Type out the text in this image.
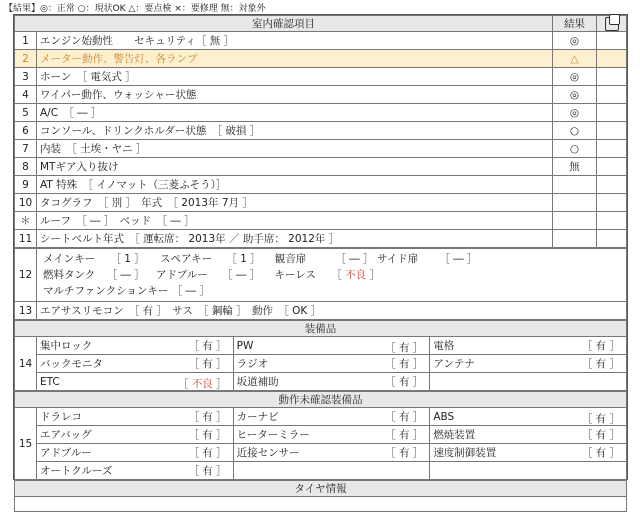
【結果】◎：正常 ○：現状OK △：要点検 ×：要修理 無：対象外
室内確認項目		結果	
1	エンジン始動性　　セキュリティ［ 無 ］	◎	
2	メーター動作、警告灯、各ランプ	△	
3	ホーン　［ 電気式 ］	◎	
4	ワイパー動作、ウォッシャー状態	◎	
5	A/C　［ ― ］	◎	
6	コンソール、ドリンクホルダー状態　［ 破損 ］	○	
7	内装　［ 土埃・ヤニ ］	○	
8	MTギア入り抜け	無	
9	AT 特殊　［ イノマット（三菱ふそう）］		
10	タコグラフ　［ 別 ］　年式　［ 2013年 7月 ］		
＊	ルーフ　［ ― ］　ベッド　［ ― ］		
11	シートベルト年式　［ 運転席： 2013年 ／ 助手席： 2012年 ］		
12	メインキー ［ 1 ］ スペアキー ［ 1 ］ 観音扉 ［ ― ］ サイド扉 ［ ― ］
燃料タンク ［ ― ］ アドブルー ［ ― ］ キーレス ［ 不良 ］
マルチファンクションキー ［ ― ］

13	エアサスリモコン　［ 有 ］　サス　［ 鋼輪 ］　動作　［ OK ］
装備品			
14	集中ロック ［ 有 ］	PW ［ 有 ］	電格 ［ 有 ］

	バックモニタ ［ 有 ］	ラジオ ［ 有 ］	アンテナ ［ 有 ］

	ETC ［ 不良 ］	坂道補助 ［ 有 ］	

動作未確認装備品			
15	ドラレコ ［ 有 ］	カーナビ ［ 有 ］	ABS ［ 有 ］

	エアバッグ ［ 有 ］	ヒーターミラー ［ 有 ］	燃焼装置 ［ 有 ］

	アドブルー ［ 有 ］	近接センサー ［ 有 ］	速度制御装置 ［ 有 ］

	オートクルーズ ［ 有 ］		

タイヤ情報
